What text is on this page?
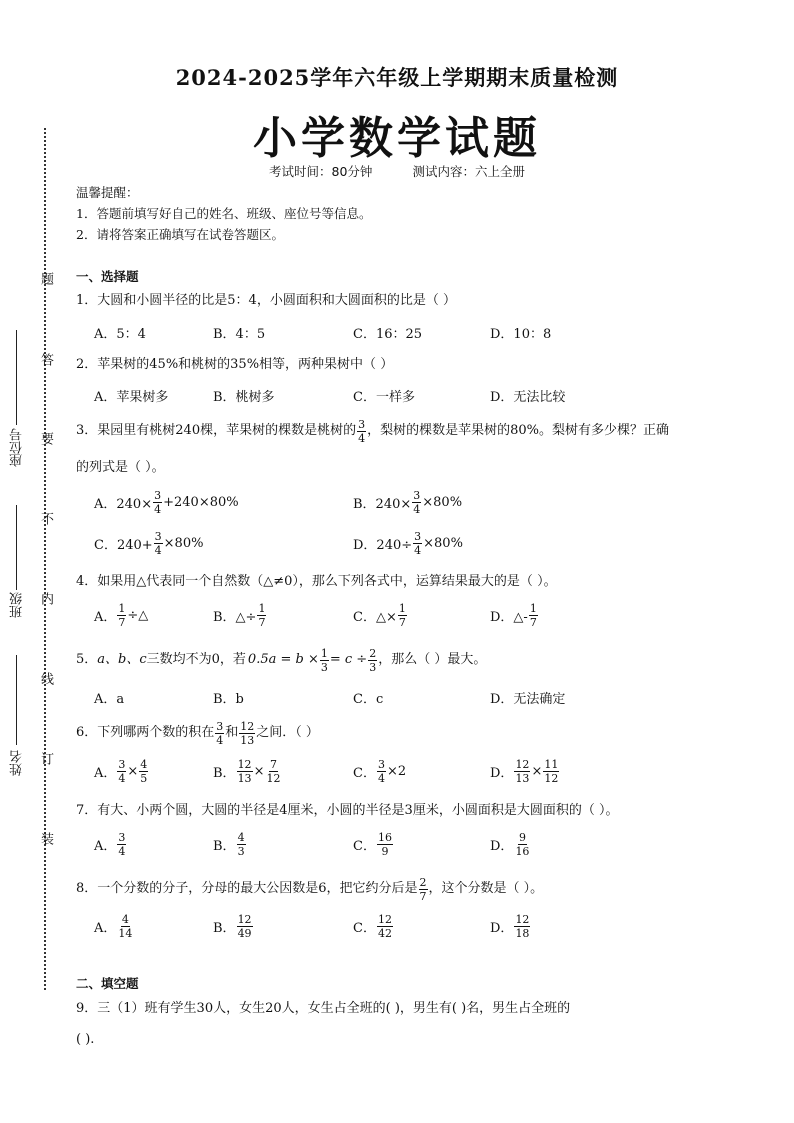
2024-2025学年六年级上学期期末质量检测
小学数学试题
考试时间：80分钟	测试内容：六上全册
题
答
要
不
内
线
订
装
座位号
班级
姓名
温馨提醒：
1．答题前填写好自己的姓名、班级、座位号等信息。
2．请将答案正确填写在试卷答题区。
一、选择题
1．大圆和小圆半径的比是5：4，小圆面积和大圆面积的比是（ ）
A．5：4	B．4：5	C．16：25	D．10：8
2．苹果树的45%和桃树的35%相等，两种果树中（ ）
A．苹果树多	B．桃树多	C．一样多	D．无法比较
3．果园里有桃树240棵，苹果树的棵数是桃树的 $\frac{3}{4}$ ，梨树的棵数是苹果树的80%。梨树有多少棵？正确
的列式是（ ）。
A．$240\times \frac{3}{4} +240\times 80\%$	B．$240\times \frac{3}{4} \times 80\%$
C．$240+ \frac{3}{4} \times 80\%$	D．$240\div \frac{3}{4} \times 80\%$
4．如果用△代表同一个自然数（△≠0），那么下列各式中，运算结果最大的是（ ）。
A． $\frac{1}{7}$ ÷△	B．△÷ $\frac{1}{7}$	C．△× $\frac{1}{7}$	D．△- $\frac{1}{7}$
5． a、b、c 三数均不为0，若 $0.5a = b \times \frac{1}{3} = c \div \frac{2}{3}$ ，那么（ ）最大。
A．a	B．b	C．c	D．无法确定
6．下列哪两个数的积在 $\frac{3}{4}$ 和 $\frac{12}{13}$ 之间．（ ）
A． $\frac{3}{4} \times \frac{4}{5}$	B． $\frac{12}{13} \times \frac{7}{12}$	C． $\frac{3}{4} \times 2$	D． $\frac{12}{13} \times \frac{11}{12}$
7．有大、小两个圆，大圆的半径是4厘米，小圆的半径是3厘米，小圆面积是大圆面积的（ ）。
A． $\frac{3}{4}$	B． $\frac{4}{3}$	C． $\frac{16}{9}$	D． $\frac{9}{16}$
8．一个分数的分子，分母的最大公因数是6，把它约分后是 $\frac{2}{7}$ ，这个分数是（ ）。
A． $\frac{4}{14}$	B． $\frac{12}{49}$	C． $\frac{12}{42}$	D． $\frac{12}{18}$
二、填空题
9．三（1）班有学生30人，女生20人，女生占全班的( )，男生有( )名，男生占全班的
( ).
